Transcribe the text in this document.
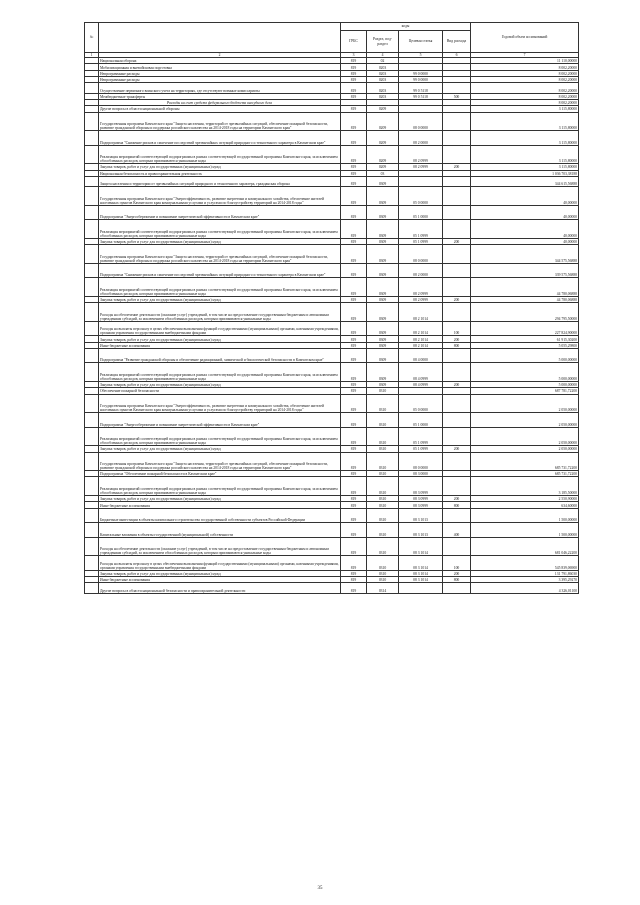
№		коды				Годовой объем ассигнований
		ГРБС	Раздел, под-раздел	Целевая статья	Вид расхода	
1	2	3	4	5	6	7
	Национальная оборона	819	02			11 110,00000
	Мобилизационная и вневойсковая подготовка	819	0203			8 002,20000
	Непрограммные расходы	819	0203	99 0 0000		8 002,20000
	Непрограммные расходы	819	0203	99 0 0000		8 002,20000
	Осуществление первичного воинского учета на территориях, где отсутствуют военные комиссариаты	819	0203	99 0 5118		8 002,20000
	Межбюджетные трансферты	819	0203	99 0 5118	500	8 002,20000
	Расходы на счет средств федерального бюджета внесудного дела					8 002,20000
	Другие вопросы в области национальной обороны	819	0209			3 115,80000
	Государственная программа Камчатского края "Защита населения, территорий от чрезвычайных ситуаций, обеспечение пожарной безопасности, развитие гражданской обороны и поддержка российского казачества на 2014-2018 годы на территории Камчатского края"	819	0209	08 0 0000		3 115,80000
	Подпрограмма "Снижение рисков и смягчение последствий чрезвычайных ситуаций природного и техногенного характера в Камчатском крае"	819	0209	08 2 0000		3 115,80000
	Реализация мероприятий соответствующей подпрограммы в рамках соответствующей государственной программы Камчатского края, за исключением обособленных расходов, которым присваиваются уникальные коды	819	0209	08 2 0999		3 115,80000
	Закупка товаров, работ и услуг для государственных (муниципальных) нужд	819	0209	08 2 0999	200	3 115,80000
	Национальная безопасность и правоохранительная деятельность	819	03			1 036 703,38188
	Защита населения и территории от чрезвычайных ситуаций природного и техногенного характера, гражданская оборона	819	0309			344 615,56888
	Государственная программа Камчатского края "Энергоэффективность, развитие энергетики и коммунального хозяйства, обеспечение жителей населенных пунктов Камчатского края коммунальными услугами и услугами по благоустройству территорий на 2014-2018 годы"	819	0309	05 0 0000		40,00000
	Подпрограмма "Энергосбережение и повышение энергетической эффективности в Камчатском крае"	819	0309	05 1 0000		40,00000
	Реализация мероприятий соответствующей подпрограммы в рамках соответствующей государственной программы Камчатского края, за исключением обособленных расходов, которым присваиваются уникальные коды	819	0309	05 1 0999		40,00000
	Закупка товаров, работ и услуг для государственных (муниципальных) нужд	819	0309	05 1 0999	200	40,00000
	Государственная программа Камчатского края "Защита населения, территорий от чрезвычайных ситуаций, обеспечение пожарной безопасности, развитие гражданской обороны и поддержка российского казачества на 2014-2018 годы на территории Камчатского края"	819	0309	08 0 0000		344 575,56888
	Подпрограмма "Снижение рисков и смягчение последствий чрезвычайных ситуаций природного и техногенного характера в Камчатском крае"	819	0309	08 2 0000		339 575,56888
	Реализация мероприятий соответствующей подпрограммы в рамках соответствующей государственной программы Камчатского края, за исключением обособленных расходов, которым присваиваются уникальные коды	819	0309	08 2 0999		44 780,06888
	Закупка товаров, работ и услуг для государственных (муниципальных) нужд	819	0309	08 2 0999	200	44 780,06888
	Расходы на обеспечение деятельности (оказание услуг) учреждений, в том числе на предоставление государственным бюджетным и автономным учреждениям субсидий, за исключением обособленных расходов, которым присваиваются уникальные коды	819	0309	08 2 1014		294 795,50000
	Расходы на выплаты персоналу в целях обеспечения выполнения функций государственными (муниципальными) органами, казенными учреждениями, органами управления государственными внебюджетными фондами	819	0309	08 2 1014	100	227 824,90000
	Закупка товаров, работ и услуг для государственных (муниципальных) нужд	819	0309	08 2 1014	200	61 915,30200
	Иные бюджетные ассигнования	819	0309	08 2 1014	800	5 055,29800
	Подпрограмма "Развитие гражданской обороны и обеспечение радиационной, химической и биологической безопасности в Камчатском крае"	819	0309	08 4 0000		5 000,00000
	Реализация мероприятий соответствующей подпрограммы в рамках соответствующей государственной программы Камчатского края, за исключением обособленных расходов, которым присваиваются уникальные коды	819	0309	08 4 0999		5 000,00000
	Закупка товаров, работ и услуг для государственных (муниципальных) нужд	819	0309	08 4 0999	200	5 000,00000
	Обеспечение пожарной безопасности	819	0310			687 781,72200
	Государственная программа Камчатского края "Энергоэффективность, развитие энергетики и коммунального хозяйства, обеспечение жителей населенных пунктов Камчатского края коммунальными услугами и услугами по благоустройству территорий на 2014-2018 годы"	819	0310	05 0 0000		2 050,00000
	Подпрограмма "Энергосбережение и повышение энергетической эффективности в Камчатском крае"	819	0310	05 1 0000		2 050,00000
	Реализация мероприятий соответствующей подпрограммы в рамках соответствующей государственной программы Камчатского края, за исключением обособленных расходов, которым присваиваются уникальные коды	819	0310	05 1 0999		2 050,00000
	Закупка товаров, работ и услуг для государственных (муниципальных) нужд	819	0310	05 1 0999	200	2 050,00000
	Государственная программа Камчатского края "Защита населения, территорий от чрезвычайных ситуаций, обеспечение пожарной безопасности, развитие гражданской обороны и поддержка российского казачества на 2014-2018 годы на территории Камчатского края"	819	0310	08 0 0000		685 731,72200
	Подпрограмма "Обеспечение пожарной безопасности в Камчатском крае"	819	0310	08 3 0000		685 731,72200
	Реализация мероприятий соответствующей подпрограммы в рамках соответствующей государственной программы Камчатского края, за исключением обособленных расходов, которым присваиваются уникальные коды	819	0310	08 3 0999		3 185,50000
	Закупка товаров, работ и услуг для государственных (муниципальных) нужд	819	0310	08 3 0999	200	2 550,90000
	Иные бюджетные ассигнования	819	0310	08 3 0999	800	634,60000
	Бюджетные инвестиции в объекты капитального строительства государственной собственности субъектов Российской Федерации	819	0310	08 3 1013		1 500,00000
	Капитальные вложения в объекты государственной (муниципальной) собственности	819	0310	08 3 1013	400	1 500,00000
	Расходы на обеспечение деятельности (оказание услуг) учреждений, в том числе на предоставление государственным бюджетным и автономным учреждениям субсидий, за исключением обособленных расходов, которым присваиваются уникальные коды	819	0310	08 3 1014		681 046,22200
	Расходы на выплаты персоналу в целях обеспечения выполнения функций государственными (муниципальными) органами, казенными учреждениями, органами управления государственными внебюджетными фондами	819	0310	08 3 1014	100	545 839,06900
	Закупка товаров, работ и услуг для государственных (муниципальных) нужд	819	0310	08 3 1014	200	131 791,86030
	Иные бюджетные ассигнования	819	0310	08 3 1014	800	3 395,29270
	Другие вопросы в области национальной безопасности и правоохранительной деятельности	819	0314			4 326,01100
35
